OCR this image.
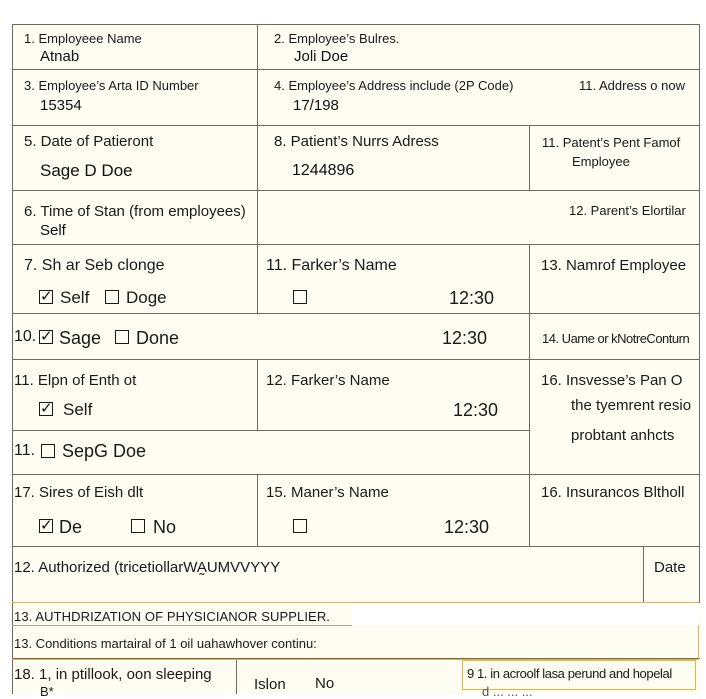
1. Employeee Name
Atnab
2. Employee’s Bulres.
Joli Doe
3. Employee’s Arta ID Number
15354
4. Employee’s Address include (2P Code)
17/198
11. Address o now
5. Date of Patieront
Sage D Doe
8. Patient’s Nurrs Adress
1244896
11. Patent’s Pent Famof
Employee
6. Time of Stan (from employees)
Self
12. Parent’s Elortilar
7. Sh ar Seb clonge
✓
Self Doge
11. Farker’s Name
12:30
13. Namrof Employee
10.
✓ Sage Done	12:30	14. Uame or kNotreConturn
11. Elpn of Enth ot
✓
Self
12. Farker’s Name
12:30
16. Insvesse’s Pan O
the tyemrent resio
probtant anhcts
11. SepG Doe
17. Sires of Eish dlt
✓
De	No
15. Maner’s Name
12:30
16. Insurancos Bltholl
12. Authorized (tricetiollarWA̰UMVVYYY	Date
13. AUTHDRIZATION OF PHYSICIANOR SUPPLIER.
13. Conditions martairal of 1 oil uahawhover continu:
18. 1, in ptillook, oon sleeping
B*	Islon No
9 1. in acroolf lasa perund and hopelal
d ... ... ...
